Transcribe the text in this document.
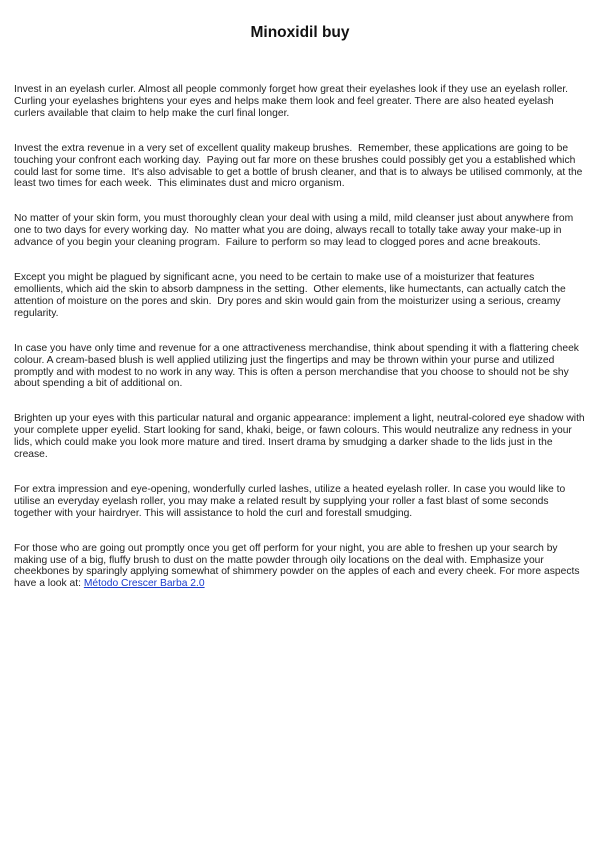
Minoxidil buy

Invest in an eyelash curler. Almost all people commonly forget how great their eyelashes look if they use an eyelash roller. Curling your eyelashes brightens your eyes and helps make them look and feel greater. There are also heated eyelash curlers available that claim to help make the curl final longer.

Invest the extra revenue in a very set of excellent quality makeup brushes.  Remember, these applications are going to be touching your confront each working day.  Paying out far more on these brushes could possibly get you a established which could last for some time.  It's also advisable to get a bottle of brush cleaner, and that is to always be utilised commonly, at the least two times for each week.  This eliminates dust and micro organism.

No matter of your skin form, you must thoroughly clean your deal with using a mild, mild cleanser just about anywhere from one to two days for every working day.  No matter what you are doing, always recall to totally take away your make-up in advance of you begin your cleaning program.  Failure to perform so may lead to clogged pores and acne breakouts.

Except you might be plagued by significant acne, you need to be certain to make use of a moisturizer that features emollients, which aid the skin to absorb dampness in the setting.  Other elements, like humectants, can actually catch the attention of moisture on the pores and skin.  Dry pores and skin would gain from the moisturizer using a serious, creamy regularity.

In case you have only time and revenue for a one attractiveness merchandise, think about spending it with a flattering cheek colour. A cream-based blush is well applied utilizing just the fingertips and may be thrown within your purse and utilized promptly and with modest to no work in any way. This is often a person merchandise that you choose to should not be shy about spending a bit of additional on.

Brighten up your eyes with this particular natural and organic appearance: implement a light, neutral-colored eye shadow with your complete upper eyelid. Start looking for sand, khaki, beige, or fawn colours. This would neutralize any redness in your lids, which could make you look more mature and tired. Insert drama by smudging a darker shade to the lids just in the crease.

For extra impression and eye-opening, wonderfully curled lashes, utilize a heated eyelash roller. In case you would like to utilise an everyday eyelash roller, you may make a related result by supplying your roller a fast blast of some seconds together with your hairdryer. This will assistance to hold the curl and forestall smudging.

For those who are going out promptly once you get off perform for your night, you are able to freshen up your search by making use of a big, fluffy brush to dust on the matte powder through oily locations on the deal with. Emphasize your cheekbones by sparingly applying somewhat of shimmery powder on the apples of each and every cheek. For more aspects have a look at: Método Crescer Barba 2.0
